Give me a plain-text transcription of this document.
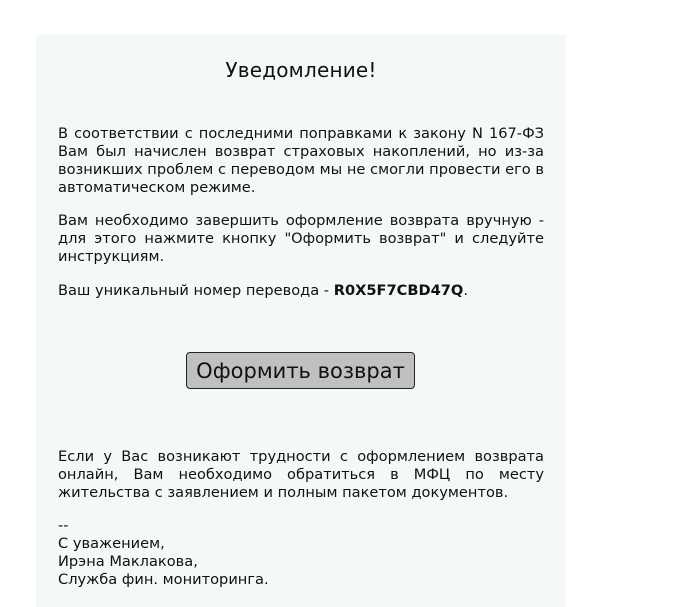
Уведомление!
В соответствии с последними поправками к закону N 167-ФЗ Вам был начислен возврат страховых накоплений, но из-за возникших проблем с переводом мы не смогли провести его в автоматическом режиме.
Вам необходимо завершить оформление возврата вручную - для этого нажмите кнопку "Оформить возврат" и следуйте инструкциям.
Ваш уникальный номер перевода - R0X5F7CBD47Q.
Оформить возврат
Если у Вас возникают трудности с оформлением возврата онлайн, Вам необходимо обратиться в МФЦ по месту жительства с заявлением и полным пакетом документов.
--
С уважением,
Ирэна Маклакова,
Служба фин. мониторинга.
